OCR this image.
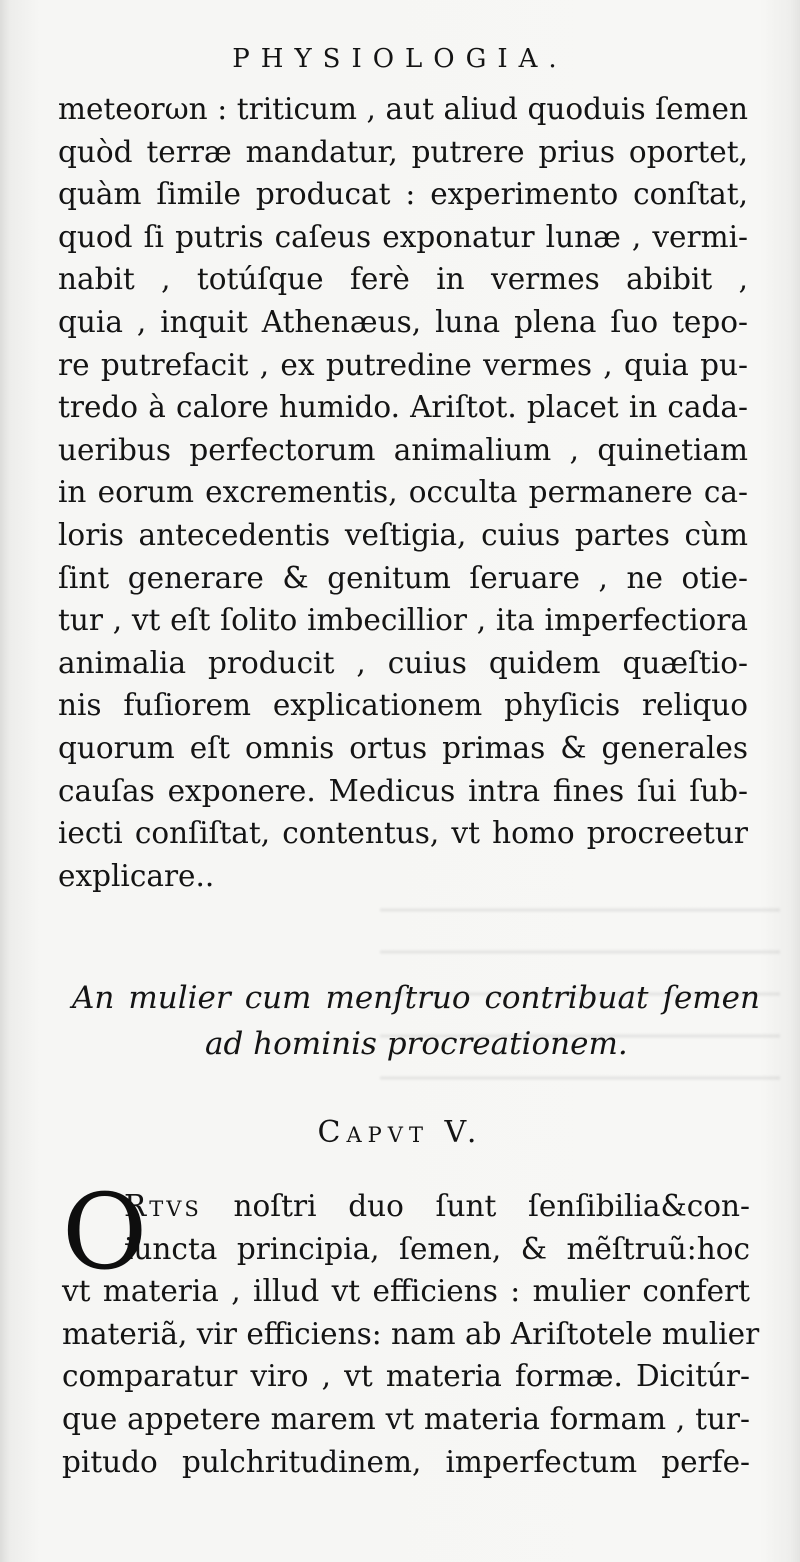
PHYSIOLOGIA.
meteorωn : triticum , aut aliud quoduis ſemen
quòd terræ mandatur, putrere prius oportet,
quàm ſimile producat : experimento conſtat,
quod ſi putris caſeus exponatur lunæ , vermi-
nabit , totúſque ferè in vermes abibit ,
quia , inquit Athenæus, luna plena ſuo tepo-
re putrefacit , ex putredine vermes , quia pu-
tredo à calore humido. Ariſtot. placet in cada-
ueribus perfectorum animalium , quinetiam
in eorum excrementis, occulta permanere ca-
loris antecedentis veſtigia, cuius partes cùm
ſint generare & genitum ſeruare , ne otie-
tur , vt eſt ſolito imbecillior , ita imperfectiora
animalia producit , cuius quidem quæſtio-
nis fuſiorem explicationem phyſicis reliquo
quorum eſt omnis ortus primas & generales
cauſas exponere. Medicus intra fines ſui ſub-
iecti conſiſtat, contentus, vt homo procreetur
explicare..
An mulier cum menſtruo contribuat ſemen
ad hominis procreationem.
Capvt V.
O
Rtvs noſtri duo ſunt ſenſibilia&con-
iuncta principia, ſemen, & mẽſtruũ:hoc
vt materia , illud vt efficiens : mulier confert
materiã, vir efficiens: nam ab Ariſtotele mulier
comparatur viro , vt materia formæ. Dicitúr-
que appetere marem vt materia formam , tur-
pitudo pulchritudinem, imperfectum perfe-
